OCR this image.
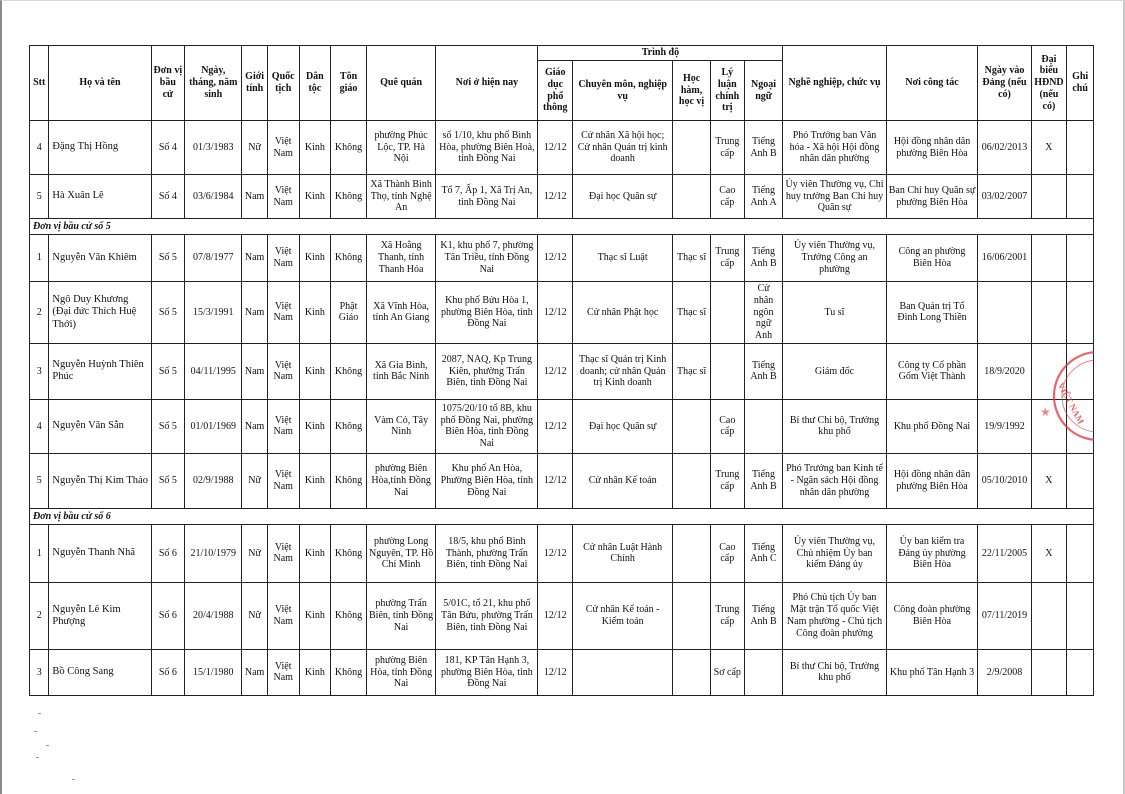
Stt	Họ và tên	Đơn vị bầu cử	Ngày, tháng, năm sinh	Giới tính	Quốc tịch	Dân tộc	Tôn giáo	Quê quán	Nơi ở hiện nay	Trình độ					Nghề nghiệp, chức vụ	Nơi công tác	Ngày vào Đảng (nếu có)	Đại biểu HĐND (nếu có)	Ghi chú
										Giáo dục phổ thông	Chuyên môn, nghiệp vụ	Học hàm, học vị	Lý luận chính trị	Ngoại ngữ					
4	Đặng Thị Hồng	Số 4	01/3/1983	Nữ	Việt Nam	Kinh	Không	phường Phúc Lộc, TP. Hà Nội	số 1/10, khu phố Bình Hòa, phường Biên Hoà, tỉnh Đồng Nai	12/12	Cử nhân Xã hội học; Cử nhân Quản trị kinh doanh		Trung cấp	Tiếng Anh B	Phó Trưởng ban Văn hóa - Xã hội Hội đồng nhân dân phường	Hội đồng nhân dân phường Biên Hòa	06/02/2013	X	
5	Hà Xuân Lê	Số 4	03/6/1984	Nam	Việt Nam	Kinh	Không	Xã Thành Bình Thọ, tỉnh Nghệ An	Tổ 7, Ấp 1, Xã Trị An, tỉnh Đồng Nai	12/12	Đại học Quân sự		Cao cấp	Tiếng Anh A	Ủy viên Thường vụ, Chỉ huy trưởng Ban Chỉ huy Quân sự	Ban Chỉ huy Quân sự phường Biên Hòa	03/02/2007		
Đơn vị bầu cử số 5																			
1	Nguyễn Văn Khiêm	Số 5	07/8/1977	Nam	Việt Nam	Kinh	Không	Xã Hoằng Thanh, tỉnh Thanh Hóa	K1, khu phố 7, phường Tân Triều, tỉnh Đồng Nai	12/12	Thạc sĩ Luật	Thạc sĩ	Trung cấp	Tiếng Anh B	Ủy viên Thường vụ, Trưởng Công an phường	Công an phường Biên Hòa	16/06/2001		
2	Ngô Duy Khương (Đại đức Thích Huệ Thới)	Số 5	15/3/1991	Nam	Việt Nam	Kinh	Phật Giáo	Xã Vĩnh Hòa, tỉnh An Giang	Khu phố Bửu Hòa 1, phường Biên Hòa, tỉnh Đồng Nai	12/12	Cử nhân Phật học	Thạc sĩ		Cử nhân ngôn ngữ Anh	Tu sĩ	Ban Quản trị Tổ Đình Long Thiền			
3	Nguyễn Huỳnh Thiên Phúc	Số 5	04/11/1995	Nam	Việt Nam	Kinh	Không	Xã Gia Bình, tỉnh Bắc Ninh	2087, NAQ, Kp Trung Kiên, phường Trấn Biên, tỉnh Đồng Nai	12/12	Thạc sĩ Quản trị Kinh doanh; cử nhân Quản trị Kinh doanh	Thạc sĩ		Tiếng Anh B	Giám đốc	Công ty Cổ phần Gốm Việt Thành	18/9/2020		
4	Nguyễn Văn Sẵn	Số 5	01/01/1969	Nam	Việt Nam	Kinh	Không	Vàm Cỏ, Tây Ninh	1075/20/10 tổ 8B, khu phố Đồng Nai, phường Biên Hòa, tỉnh Đồng Nai	12/12	Đại học Quân sự		Cao cấp		Bí thư Chi bộ, Trưởng khu phố	Khu phố Đồng Nai	19/9/1992		
5	Nguyễn Thị Kim Thảo	Số 5	02/9/1988	Nữ	Việt Nam	Kinh	Không	phường Biên Hòa,tỉnh Đồng Nai	Khu phố An Hòa, Phường Biên Hòa, tỉnh Đồng Nai	12/12	Cử nhân Kế toán		Trung cấp	Tiếng Anh B	Phó Trưởng ban Kinh tế - Ngân sách Hội đồng nhân dân phường	Hội đồng nhân dân phường Biên Hòa	05/10/2010	X	
Đơn vị bầu cử số 6																			
1	Nguyễn Thanh Nhã	Số 6	21/10/1979	Nữ	Việt Nam	Kinh	Không	phường Long Nguyên, TP. Hồ Chí Minh	18/5, khu phố Bình Thành, phường Trấn Biên, tỉnh Đồng Nai	12/12	Cử nhân Luật Hành Chính		Cao cấp	Tiếng Anh C	Ủy viên Thường vụ, Chủ nhiệm Ủy ban kiểm Đảng ủy	Ủy ban kiểm tra Đảng ủy phường Biên Hòa	22/11/2005	X	
2	Nguyễn Lê Kim Phượng	Số 6	20/4/1988	Nữ	Việt Nam	Kinh	Không	phường Trấn Biên, tỉnh Đồng Nai	5/01C, tổ 21, khu phố Tân Bửu, phường Trấn Biên, tỉnh Đồng Nai	12/12	Cử nhân Kế toán - Kiểm toán		Trung cấp	Tiếng Anh B	Phó Chủ tịch Ủy ban Mặt trận Tổ quốc Việt Nam phường - Chủ tịch Công đoàn phường	Công đoàn phường Biên Hòa	07/11/2019		
3	Bồ Công Sang	Số 6	15/1/1980	Nam	Việt Nam	Kinh	Không	phường Biên Hòa, tỉnh Đồng Nai	181, KP Tân Hạnh 3, phường Biên Hòa, tỉnh Đồng Nai	12/12			Sơ cấp		Bí thư Chi bộ, Trưởng khu phố	Khu phố Tân Hạnh 3	2/9/2008		
VIỆT NAM
★
